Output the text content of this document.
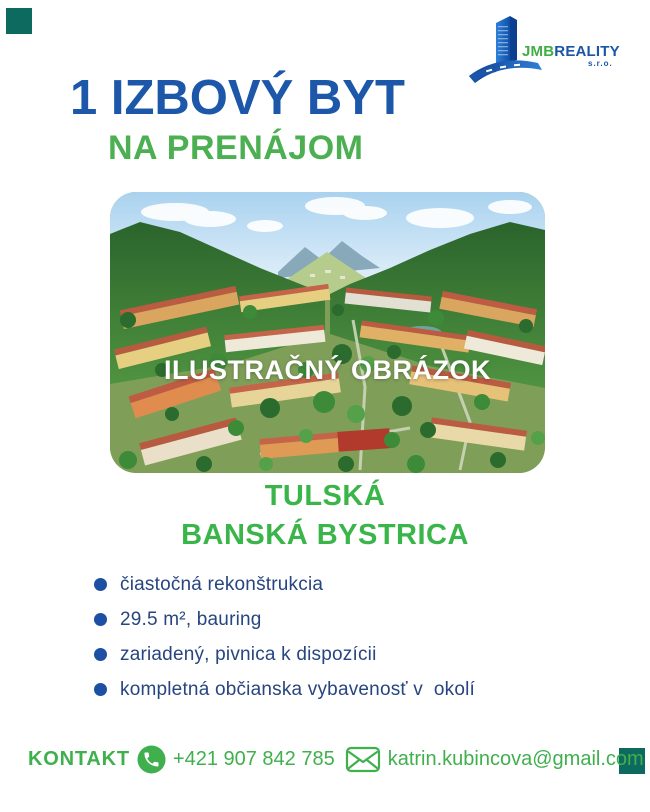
JMBREALITY
s.r.o.
1 IZBOVÝ BYT
NA PRENÁJOM
ILUSTRAČNÝ OBRÁZOK
TULSKÁ
BANSKÁ BYSTRICA
čiastočná rekonštrukcia
29.5 m², bauring
zariadený, pivnica k dispozícii
kompletná občianska vybavenosť v  okolí
KONTAKT +421 907 842 785	katrin.kubincova@gmail.com
